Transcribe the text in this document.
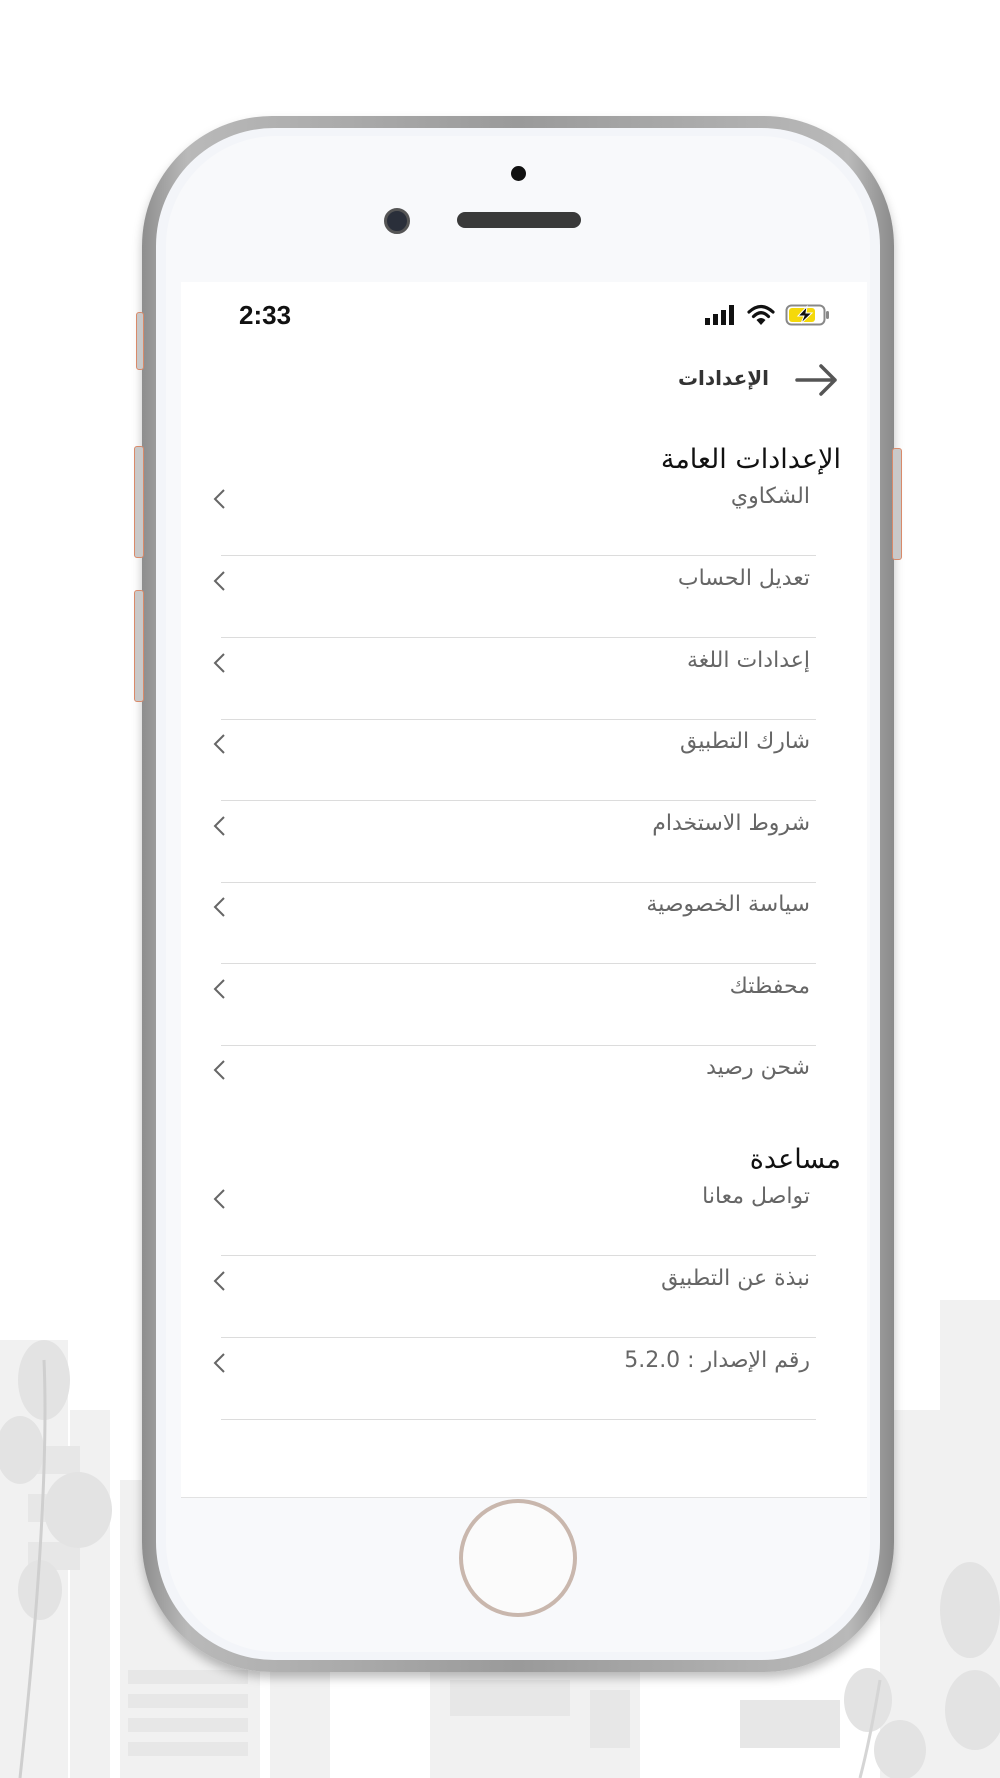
2:33
الإعدادات
الإعدادات العامة
الشكاوي
تعديل الحساب
إعدادات اللغة
شارك التطبيق
شروط الاستخدام
سياسة الخصوصية
محفظتك
شحن رصيد
مساعدة
تواصل معانا
نبذة عن التطبيق
رقم الإصدار : 5.2.0
